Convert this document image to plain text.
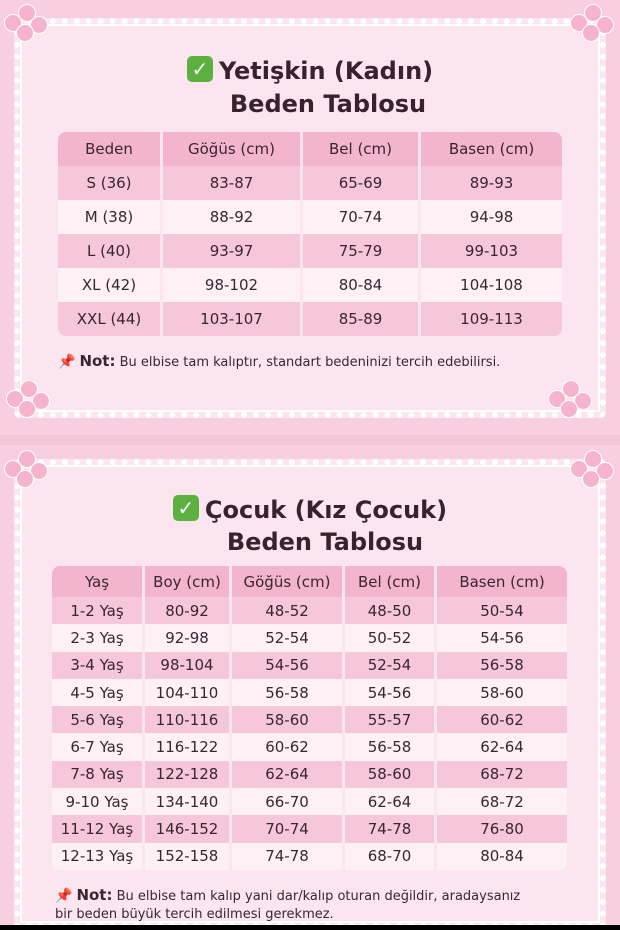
✓ Yetişkin (Kadın)
Beden Tablosu
Beden	Göğüs (cm)	Bel (cm)	Basen (cm)
S (36)	83-87	65-69	89-93
M (38)	88-92	70-74	94-98
L (40)	93-97	75-79	99-103
XL (42)	98-102	80-84	104-108
XXL (44)	103-107	85-89	109-113
📌 Not: Bu elbise tam kalıptır, standart bedeninizi tercih edebilirsi.
✓ Çocuk (Kız Çocuk)
Beden Tablosu
Yaş	Boy (cm)	Göğüs (cm)	Bel (cm)	Basen (cm)
1-2 Yaş	80-92	48-52	48-50	50-54
2-3 Yaş	92-98	52-54	50-52	54-56
3-4 Yaş	98-104	54-56	52-54	56-58
4-5 Yaş	104-110	56-58	54-56	58-60
5-6 Yaş	110-116	58-60	55-57	60-62
6-7 Yaş	116-122	60-62	56-58	62-64
7-8 Yaş	122-128	62-64	58-60	68-72
9-10 Yaş	134-140	66-70	62-64	68-72
11-12 Yaş	146-152	70-74	74-78	76-80
12-13 Yaş	152-158	74-78	68-70	80-84
📌 Not: Bu elbise tam kalıp yani dar/kalıp oturan değildir, aradaysanız
bir beden büyük tercih edilmesi gerekmez.
